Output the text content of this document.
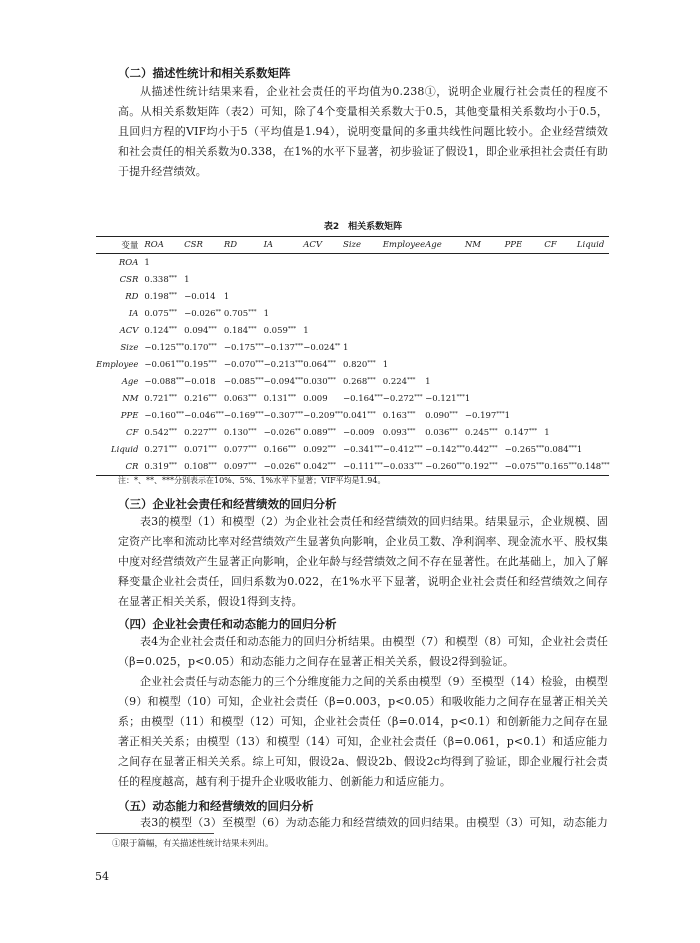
（二）描述性统计和相关系数矩阵

从描述性统计结果来看，企业社会责任的平均值为0.238①，说明企业履行社会责任的程度不高。从相关系数矩阵（表2）可知，除了4个变量相关系数大于0.5，其他变量相关系数均小于0.5，且回归方程的VIF均小于5（平均值是1.94），说明变量间的多重共线性问题比较小。企业经营绩效和社会责任的相关系数为0.338，在1%的水平下显著，初步验证了假设1，即企业承担社会责任有助于提升经营绩效。

表2　相关系数矩阵
变量	ROA	CSR	RD	IA	ACV	Size	Employee	Age	NM	PPE	CF	Liquid
ROA	1											
CSR	0.338***	1										
RD	0.198***	−0.014	1									
IA	0.075***	−0.026**	0.705***	1								
ACV	0.124***	0.094***	0.184***	0.059***	1							
Size	−0.125***	0.170***	−0.175***	−0.137***	−0.024**	1						
Employee	−0.061***	0.195***	−0.070***	−0.213***	0.064***	0.820***	1					
Age	−0.088***	−0.018	−0.085***	−0.094***	0.030***	0.268***	0.224***	1				
NM	0.721***	0.216***	0.063***	0.131***	0.009	−0.164***	−0.272***	−0.121***	1			
PPE	−0.160***	−0.046***	−0.169***	−0.307***	−0.209***	0.041***	0.163***	0.090***	−0.197***	1		
CF	0.542***	0.227***	0.130***	−0.026**	0.089***	−0.009	0.093***	0.036***	0.245***	0.147***	1	
Liquid	0.271***	0.071***	0.077***	0.166***	0.092***	−0.341***	−0.412***	−0.142***	0.442***	−0.265***	0.084***	1
CR	0.319***	0.108***	0.097***	−0.026**	0.042***	−0.111***	−0.033***	−0.260***	0.192***	−0.075***	0.165***	0.148***
注：*、**、***分别表示在10%、5%、1%水平下显著；VIF平均是1.94。
（三）企业社会责任和经营绩效的回归分析

表3的模型（1）和模型（2）为企业社会责任和经营绩效的回归结果。结果显示，企业规模、固定资产比率和流动比率对经营绩效产生显著负向影响，企业员工数、净利润率、现金流水平、股权集中度对经营绩效产生显著正向影响，企业年龄与经营绩效之间不存在显著性。在此基础上，加入了解释变量企业社会责任，回归系数为0.022，在1%水平下显著，说明企业社会责任和经营绩效之间存在显著正相关关系，假设1得到支持。

（四）企业社会责任和动态能力的回归分析

表4为企业社会责任和动态能力的回归分析结果。由模型（7）和模型（8）可知，企业社会责任（β=0.025，p<0.05）和动态能力之间存在显著正相关关系，假设2得到验证。

企业社会责任与动态能力的三个分维度能力之间的关系由模型（9）至模型（14）检验，由模型（9）和模型（10）可知，企业社会责任（β=0.003，p<0.05）和吸收能力之间存在显著正相关关系；由模型（11）和模型（12）可知，企业社会责任（β=0.014，p<0.1）和创新能力之间存在显著正相关关系；由模型（13）和模型（14）可知，企业社会责任（β=0.061，p<0.1）和适应能力之间存在显著正相关关系。综上可知，假设2a、假设2b、假设2c均得到了验证，即企业履行社会责任的程度越高，越有利于提升企业吸收能力、创新能力和适应能力。

（五）动态能力和经营绩效的回归分析

表3的模型（3）至模型（6）为动态能力和经营绩效的回归结果。由模型（3）可知，动态能力

①限于篇幅，有关描述性统计结果未列出。
54
